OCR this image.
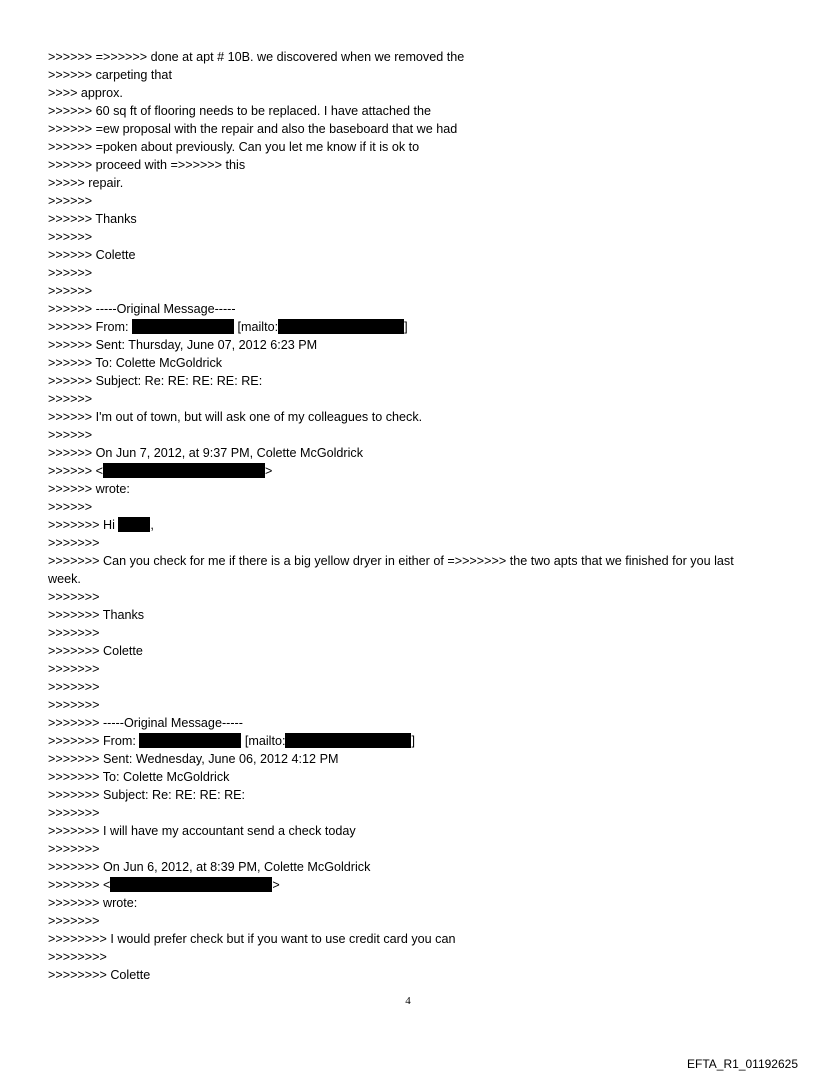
>>>>>> =>>>>>> done at apt # 10B. we discovered when we removed the
>>>>>> carpeting that
>>>> approx.
>>>>>> 60 sq ft of flooring needs to be replaced. I have attached the
>>>>>> =ew proposal with the repair and also the baseboard that we had
>>>>>> =poken about previously. Can you let me know if it is ok to
>>>>>> proceed with =>>>>>> this
>>>>> repair.
>>>>>>
>>>>>> Thanks
>>>>>>
>>>>>> Colette
>>>>>>
>>>>>>
>>>>>> -----Original Message-----
>>>>>> From:	[mailto:	]
>>>>>> Sent: Thursday, June 07, 2012 6:23 PM
>>>>>> To: Colette McGoldrick
>>>>>> Subject: Re: RE: RE: RE: RE:
>>>>>>
>>>>>> I'm out of town, but will ask one of my colleagues to check.
>>>>>>
>>>>>> On Jun 7, 2012, at 9:37 PM, Colette McGoldrick
>>>>>> <	>
>>>>>> wrote:
>>>>>>
>>>>>>> Hi	,
>>>>>>>
>>>>>>> Can you check for me if there is a big yellow dryer in either of =>>>>>>> the two apts that we finished for you last week.
>>>>>>>
>>>>>>> Thanks
>>>>>>>
>>>>>>> Colette
>>>>>>>
>>>>>>>
>>>>>>>
>>>>>>> -----Original Message-----
>>>>>>> From:	[mailto:	]
>>>>>>> Sent: Wednesday, June 06, 2012 4:12 PM
>>>>>>> To: Colette McGoldrick
>>>>>>> Subject: Re: RE: RE: RE:
>>>>>>>
>>>>>>> I will have my accountant send a check today
>>>>>>>
>>>>>>> On Jun 6, 2012, at 8:39 PM, Colette McGoldrick
>>>>>>> <	>
>>>>>>> wrote:
>>>>>>>
>>>>>>>> I would prefer check but if you want to use credit card you can
>>>>>>>>
>>>>>>>> Colette
4
EFTA_R1_01192625
